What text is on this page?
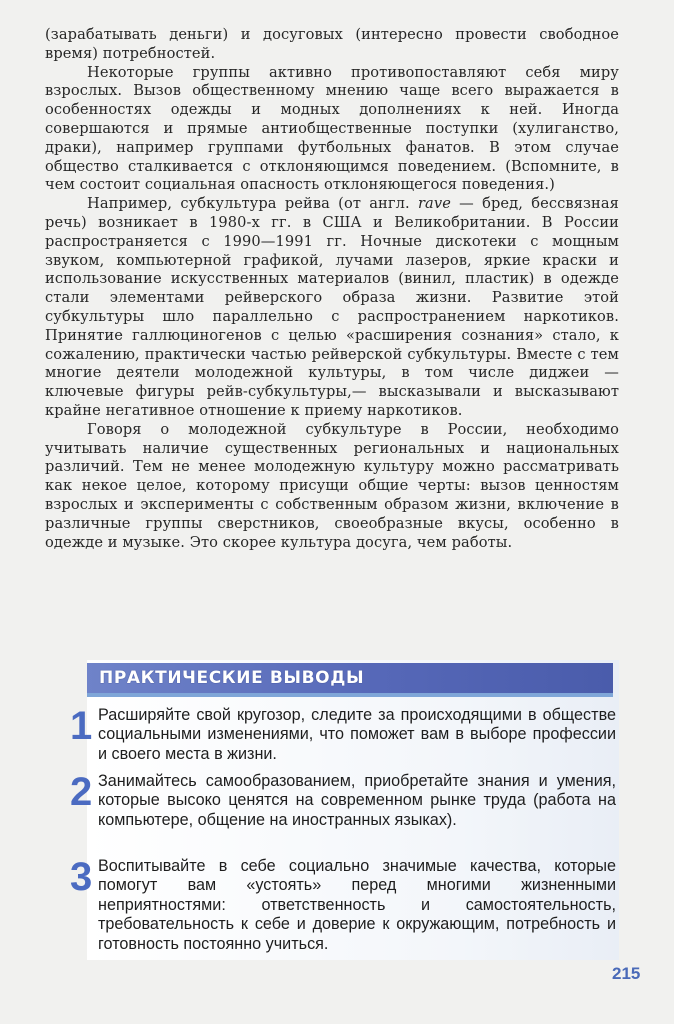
(зарабатывать деньги) и досуговых (интересно провести свободное время) потребностей.

Некоторые группы активно противопоставляют себя миру взрослых. Вызов общественному мнению чаще всего выражается в особенностях одежды и модных дополнениях к ней. Иногда совершаются и прямые антиобщественные поступки (хулиганство, драки), например группами футбольных фанатов. В этом случае общество сталкивается с отклоняющимся поведением. (Вспомните, в чем состоит социальная опасность отклоняющегося поведения.)

Например, субкультура рейва (от англ. rave — бред, бессвязная речь) возникает в 1980-х гг. в США и Великобритании. В России распространяется с 1990—1991 гг. Ночные дискотеки с мощным звуком, компьютерной графикой, лучами лазеров, яркие краски и использование искусственных материалов (винил, пластик) в одежде стали элементами рейверского образа жизни. Развитие этой субкультуры шло параллельно с распространением наркотиков. Принятие галлюциногенов с целью «расширения сознания» стало, к сожалению, практически частью рейверской субкультуры. Вместе с тем многие деятели молодежной культуры, в том числе диджеи — ключевые фигуры рейв-субкультуры,— высказывали и высказывают крайне негативное отношение к приему наркотиков.

Говоря о молодежной субкультуре в России, необходимо учитывать наличие существенных региональных и национальных различий. Тем не менее молодежную культуру можно рассматривать как некое целое, которому присущи общие черты: вызов ценностям взрослых и эксперименты с собственным образом жизни, включение в различные группы сверстников, своеобразные вкусы, особенно в одежде и музыке. Это скорее культура досуга, чем работы.

ПРАКТИЧЕСКИЕ ВЫВОДЫ
1 Расширяйте свой кругозор, следите за происходящими в обществе социальными изменениями, что поможет вам в выборе профессии и своего места в жизни.
2 Занимайтесь самообразованием, приобретайте знания и умения, которые высоко ценятся на современном рынке труда (работа на компьютере, общение на иностранных языках).
3 Воспитывайте в себе социально значимые качества, которые помогут вам «устоять» перед многими жизненными неприятностями: ответственность и самостоятельность, требовательность к себе и доверие к окружающим, потребность и готовность постоянно учиться.
215
